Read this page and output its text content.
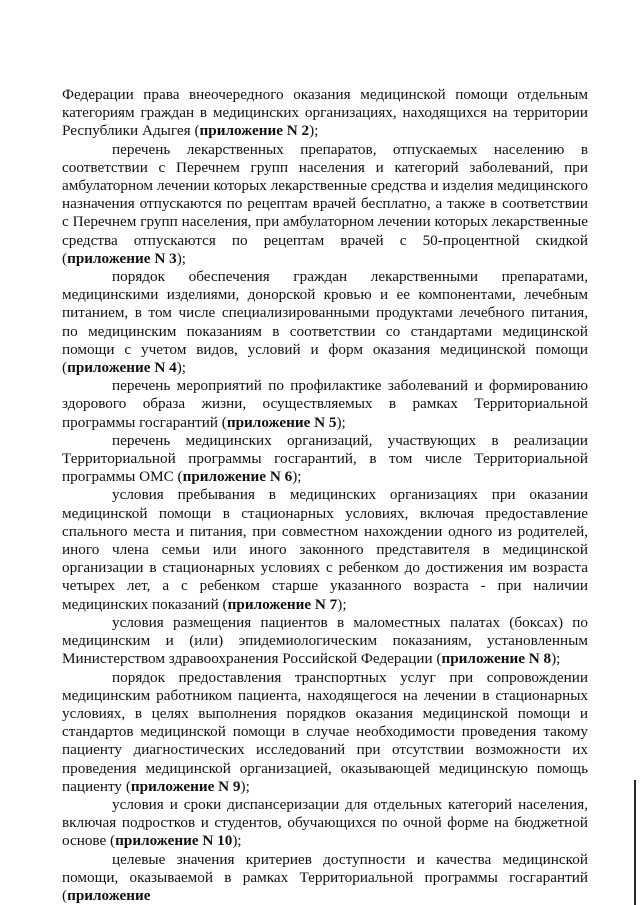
Федерации права внеочередного оказания медицинской помощи отдельным категориям граждан в медицинских организациях, находящихся на территории Республики Адыгея (приложение N 2);

перечень лекарственных препаратов, отпускаемых населению в соответствии с Перечнем групп населения и категорий заболеваний, при амбулаторном лечении которых лекарственные средства и изделия медицинского назначения отпускаются по рецептам врачей бесплатно, а также в соответствии с Перечнем групп населения, при амбулаторном лечении которых лекарственные средства отпускаются по рецептам врачей с 50-процентной скидкой (приложение N 3);

порядок обеспечения граждан лекарственными препаратами, медицинскими изделиями, донорской кровью и ее компонентами, лечебным питанием, в том числе специализированными продуктами лечебного питания, по медицинским показаниям в соответствии со стандартами медицинской помощи с учетом видов, условий и форм оказания медицинской помощи (приложение N 4);

перечень мероприятий по профилактике заболеваний и формированию здорового образа жизни, осуществляемых в рамках Территориальной программы госгарантий (приложение N 5);

перечень медицинских организаций, участвующих в реализации Территориальной программы госгарантий, в том числе Территориальной программы ОМС (приложение N 6);

условия пребывания в медицинских организациях при оказании медицинской помощи в стационарных условиях, включая предоставление спального места и питания, при совместном нахождении одного из родителей, иного члена семьи или иного законного представителя в медицинской организации в стационарных условиях с ребенком до достижения им возраста четырех лет, а с ребенком старше указанного возраста - при наличии медицинских показаний (приложение N 7);

условия размещения пациентов в маломестных палатах (боксах) по медицинским и (или) эпидемиологическим показаниям, установленным Министерством здравоохранения Российской Федерации (приложение N 8);

порядок предоставления транспортных услуг при сопровождении медицинским работником пациента, находящегося на лечении в стационарных условиях, в целях выполнения порядков оказания медицинской помощи и стандартов медицинской помощи в случае необходимости проведения такому пациенту диагностических исследований при отсутствии возможности их проведения медицинской организацией, оказывающей медицинскую помощь пациенту (приложение N 9);

условия и сроки диспансеризации для отдельных категорий населения, включая подростков и студентов, обучающихся по очной форме на бюджетной основе (приложение N 10);

целевые значения критериев доступности и качества медицинской помощи, оказываемой в рамках Территориальной программы госгарантий (приложение
